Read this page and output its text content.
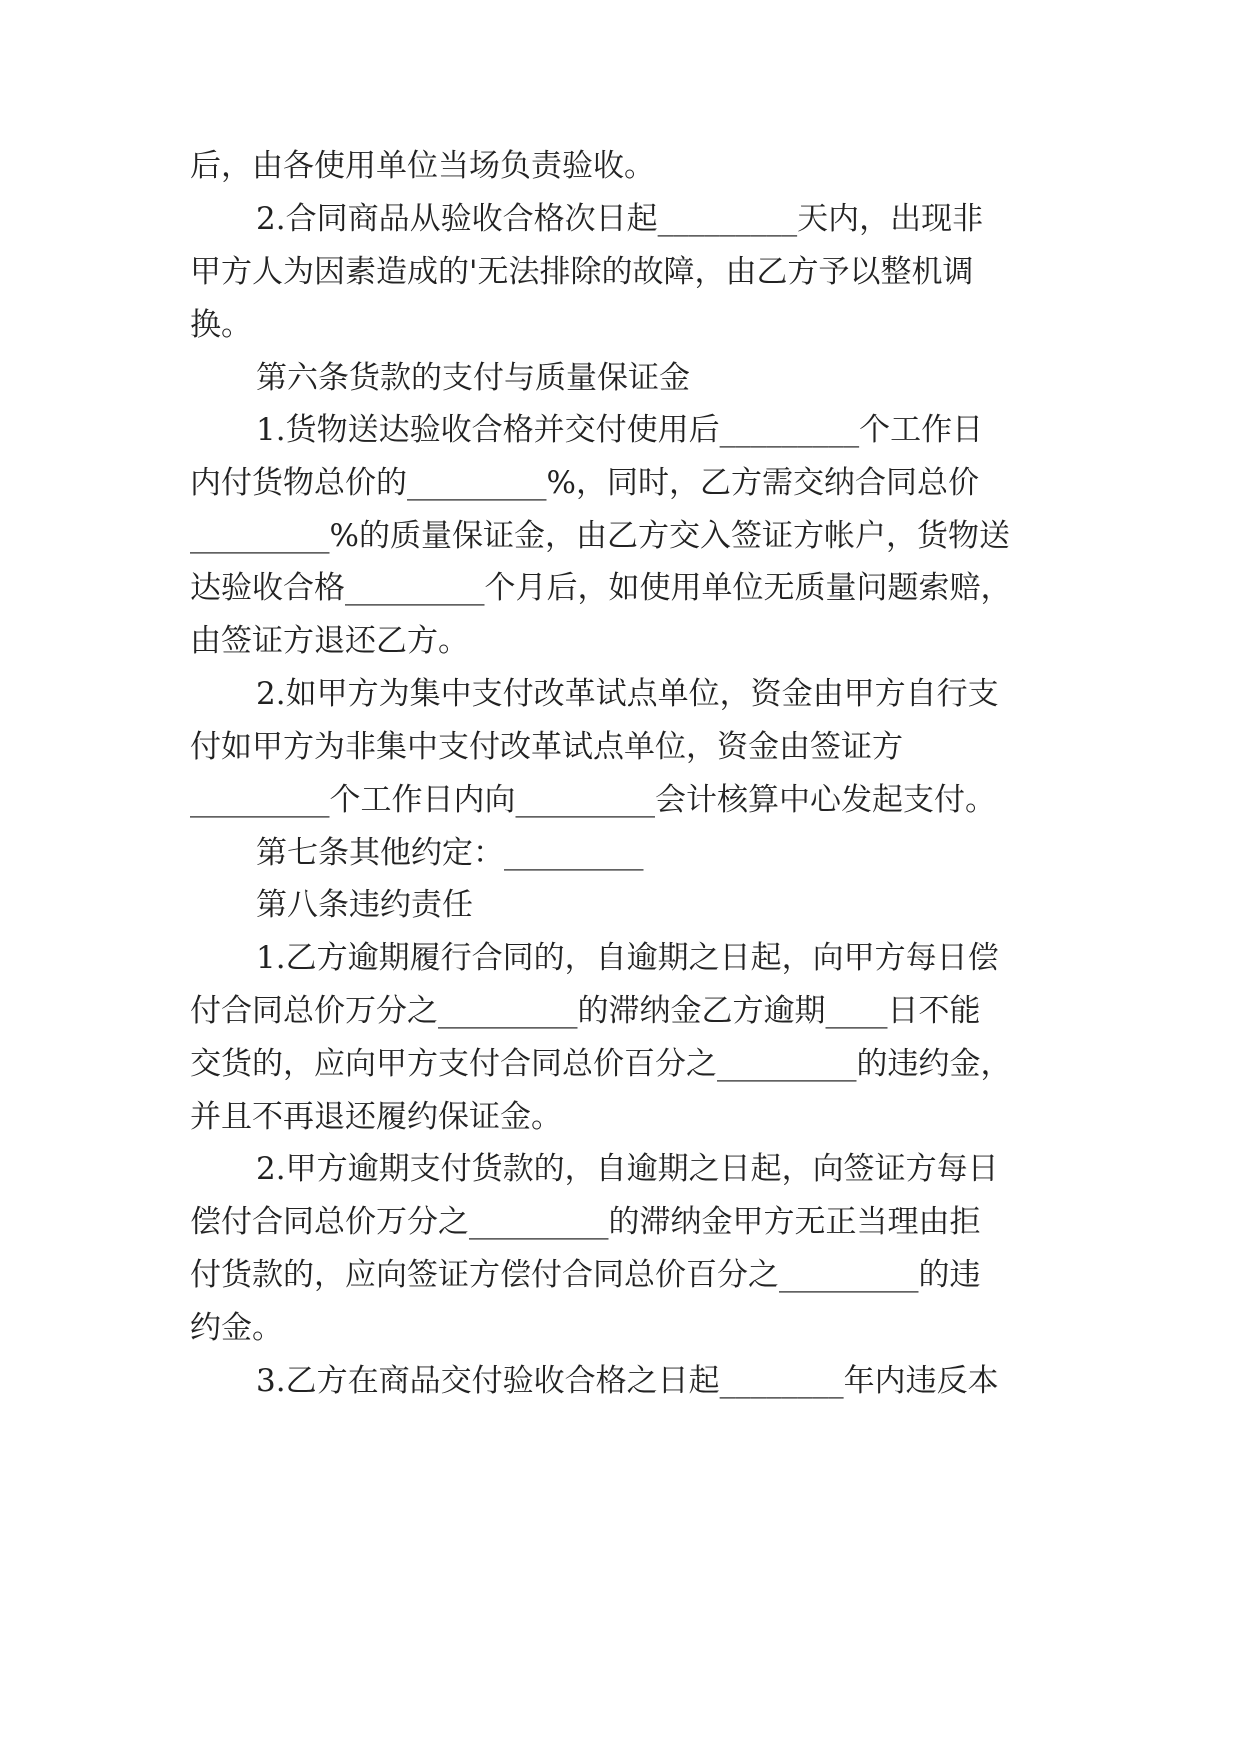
后，由各使用单位当场负责验收。
2.合同商品从验收合格次日起_________天内，出现非
甲方人为因素造成的'无法排除的故障，由乙方予以整机调
换。
第六条货款的支付与质量保证金
1.货物送达验收合格并交付使用后_________个工作日
内付货物总价的_________%，同时，乙方需交纳合同总价
_________%的质量保证金，由乙方交入签证方帐户，货物送
达验收合格_________个月后，如使用单位无质量问题索赔，
由签证方退还乙方。
2.如甲方为集中支付改革试点单位，资金由甲方自行支
付如甲方为非集中支付改革试点单位，资金由签证方
_________个工作日内向_________会计核算中心发起支付。
第七条其他约定：_________
第八条违约责任
1.乙方逾期履行合同的，自逾期之日起，向甲方每日偿
付合同总价万分之_________的滞纳金乙方逾期____日不能
交货的，应向甲方支付合同总价百分之_________的违约金，
并且不再退还履约保证金。
2.甲方逾期支付货款的，自逾期之日起，向签证方每日
偿付合同总价万分之_________的滞纳金甲方无正当理由拒
付货款的，应向签证方偿付合同总价百分之_________的违
约金。
3.乙方在商品交付验收合格之日起________年内违反本
